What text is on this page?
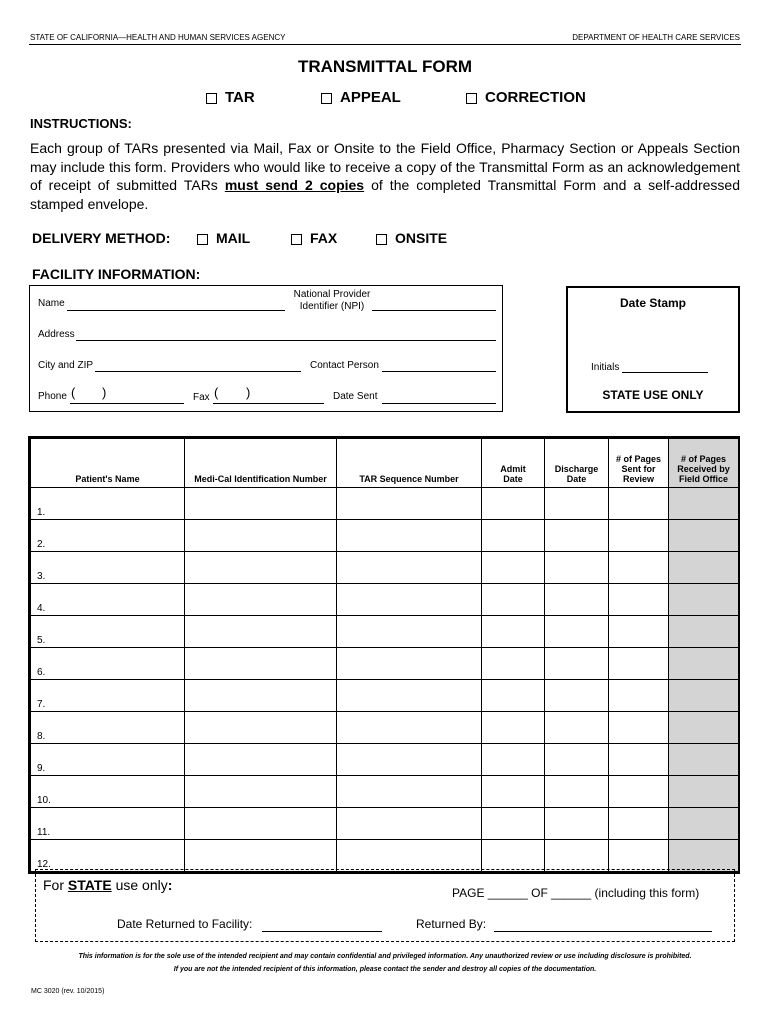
STATE OF CALIFORNIA—HEALTH AND HUMAN SERVICES AGENCY	DEPARTMENT OF HEALTH CARE SERVICES
TRANSMITTAL FORM
TAR	APPEAL	CORRECTION
INSTRUCTIONS:
Each group of TARs presented via Mail, Fax or Onsite to the Field Office, Pharmacy Section or Appeals Section may include this form. Providers who would like to receive a copy of the Transmittal Form as an acknowledgement of receipt of submitted TARs must send 2 copies of the completed Transmittal Form and a self-addressed stamped envelope.
DELIVERY METHOD:	MAIL	FAX	ONSITE
FACILITY INFORMATION:
Name
National Provider
Identifier (NPI)
Address
City and ZIP	Contact Person
Phone ( )	Fax ( )	Date Sent
Date Stamp
Initials
STATE USE ONLY
Patient's Name	Medi-Cal Identification Number	TAR Sequence Number	Admit Date	Discharge Date	# of Pages Sent for Review	# of Pages Received by Field Office
1.						
2.						
3.						
4.						
5.						
6.						
7.						
8.						
9.						
10.						
11.						
12.						
For STATE use only:	PAGE ______ OF ______ (including this form)
Date Returned to Facility:	Returned By:
This information is for the sole use of the intended recipient and may contain confidential and privileged information. Any unauthorized review or use including disclosure is prohibited.
If you are not the intended recipient of this information, please contact the sender and destroy all copies of the documentation.
MC 3020 (rev. 10/2015)
